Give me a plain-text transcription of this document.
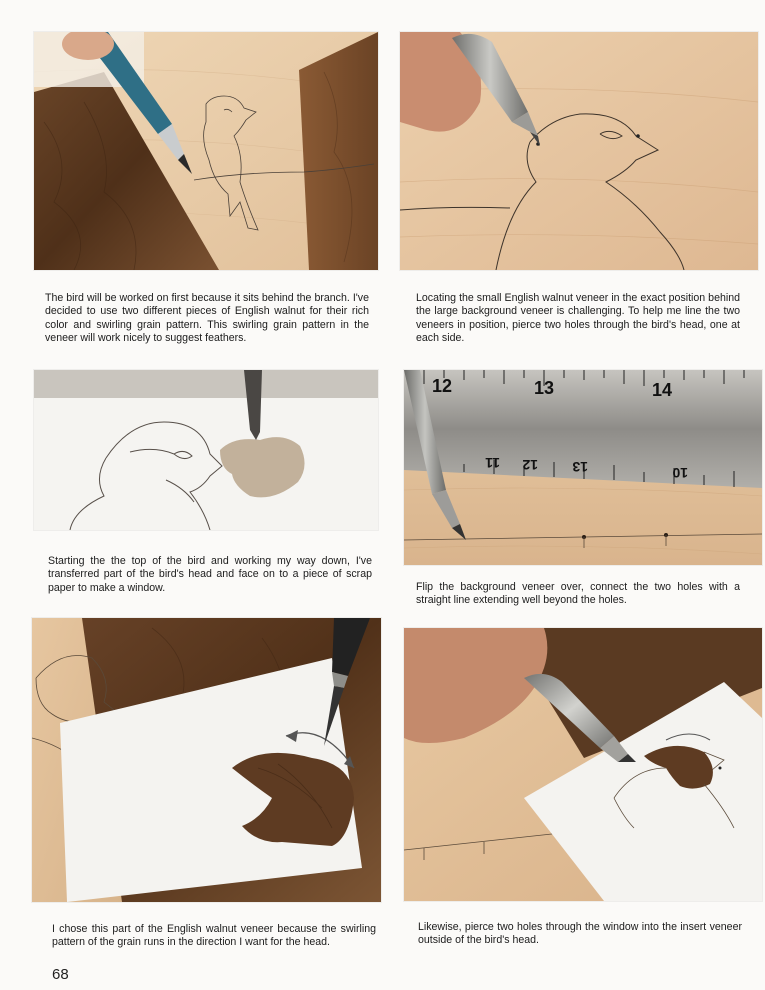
The bird will be worked on first because it sits behind the branch. I've decided to use two different pieces of English walnut for their rich color and swirling grain pattern. This swirling grain pattern in the veneer will work nicely to suggest feathers.

Locating the small English walnut veneer in the exact position behind the large background veneer is challenging. To help me line the two veneers in position, pierce two holes through the bird's head, one at each side.

Starting the the top of the bird and working my way down, I've transferred part of the bird's head and face on to a piece of scrap paper to make a window.

12	13	14
11 12 13	10

Flip the background veneer over, connect the two holes with a straight line extending well beyond the holes.

I chose this part of the English walnut veneer because the swirling pattern of the grain runs in the direction I want for the head.

Likewise, pierce two holes through the window into the insert veneer outside of the bird's head.

68
